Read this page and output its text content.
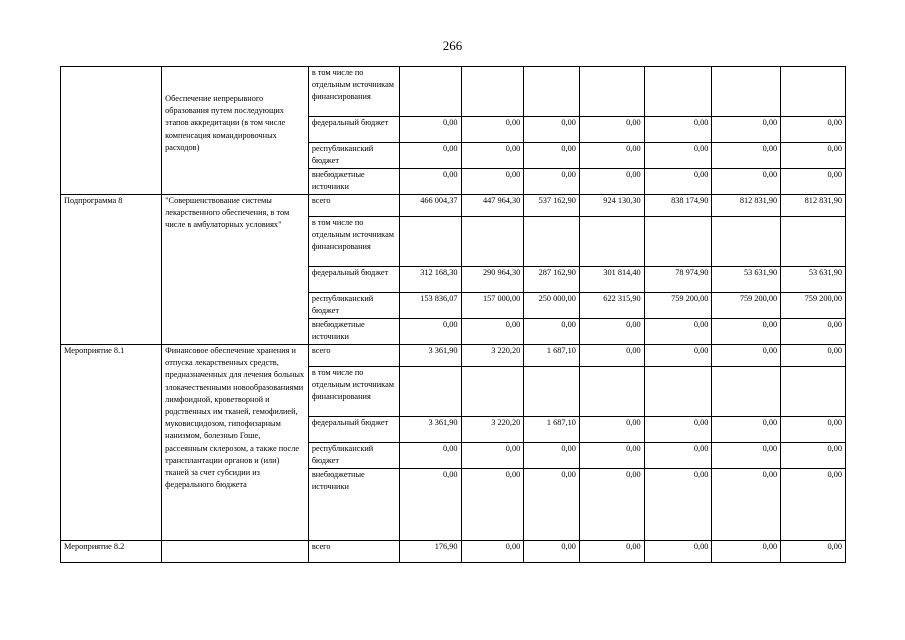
266
	Обеспечение непрерывного образования путем последующих этапов аккредитации (в том числе компенсация командировочных расходов)	в том числе по отдельным источникам финансирования							
		федеральный бюджет	0,00	0,00	0,00	0,00	0,00	0,00	0,00
		республиканский бюджет	0,00	0,00	0,00	0,00	0,00	0,00	0,00
		внебюджетные источники	0,00	0,00	0,00	0,00	0,00	0,00	0,00
Подпрограмма 8	"Совершенствование системы лекарственного обеспечения, в том числе в амбулаторных условиях"	всего	466 004,37	447 964,30	537 162,90	924 130,30	838 174,90	812 831,90	812 831,90
		в том числе по отдельным источникам финансирования							
		федеральный бюджет	312 168,30	290 964,30	287 162,90	301 814,40	78 974,90	53 631,90	53 631,90
		республиканский бюджет	153 836,07	157 000,00	250 000,00	622 315,90	759 200,00	759 200,00	759 200,00
		внебюджетные источники	0,00	0,00	0,00	0,00	0,00	0,00	0,00
Мероприятие 8.1	Финансовое обеспечение хранения и отпуска лекарственных средств, предназначенных для лечения больных злокачественными новообразованиями лимфоидной, кроветворной и родственных им тканей, гемофилией, муковисцидозом, гипофизарным нанизмом, болезнью Гоше, рассеянным склерозом, а также после трансплантации органов и (или) тканей за счет субсидии из федерального бюджета	всего	3 361,90	3 220,20	1 687,10	0,00	0,00	0,00	0,00
		в том числе по отдельным источникам финансирования							
		федеральный бюджет	3 361,90	3 220,20	1 687,10	0,00	0,00	0,00	0,00
		республиканский бюджет	0,00	0,00	0,00	0,00	0,00	0,00	0,00
		внебюджетные источники	0,00	0,00	0,00	0,00	0,00	0,00	0,00
Мероприятие 8.2		всего	176,90	0,00	0,00	0,00	0,00	0,00	0,00
